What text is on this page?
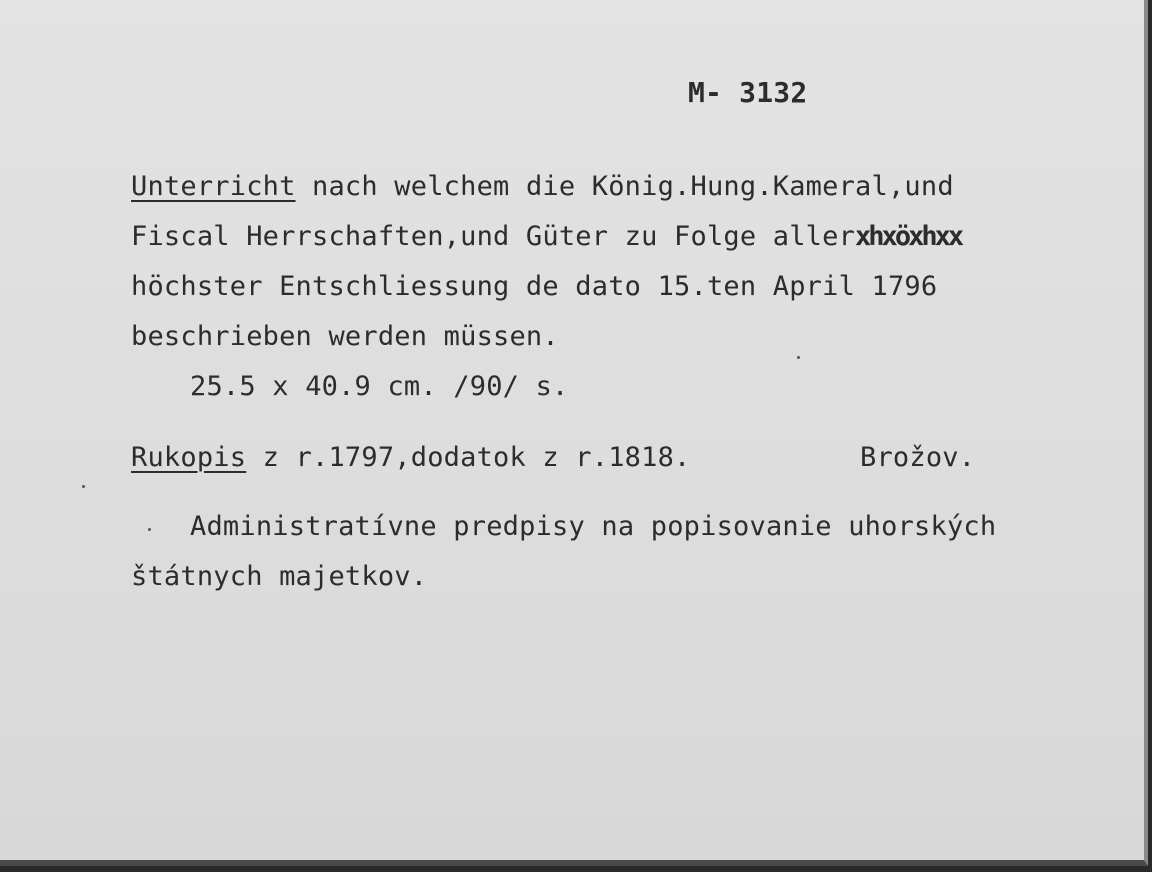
M- 3132
Unterricht nach welchem die König.Hung.Kameral,und
Fiscal Herrschaften,und Güter zu Folge allerxhxöxhxx
höchster Entschliessung de dato 15.ten April 1796
beschrieben werden müssen.
25.5 x 40.9 cm. /90/ s.
Rukopis z r.1797,dodatok z r.1818.	Brožov.
Administratívne predpisy na popisovanie uhorských
štátnych majetkov.
